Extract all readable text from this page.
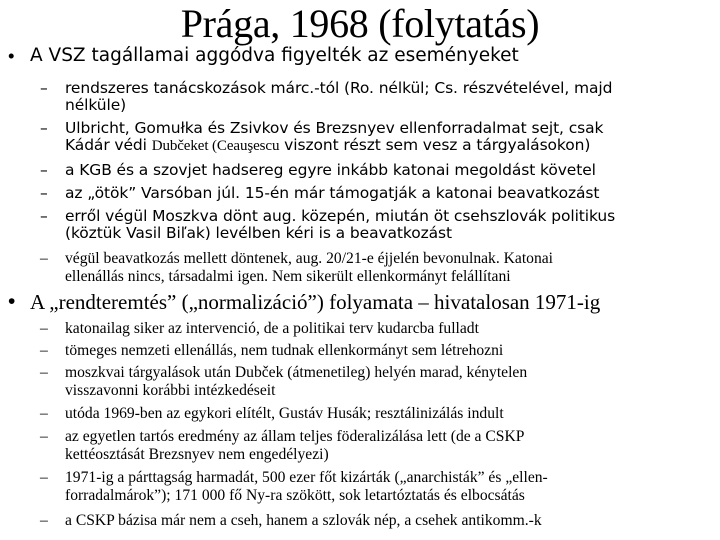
Prága, 1968 (folytatás)
• A VSZ tagállamai aggódva figyelték az eseményeket
– rendszeres tanácskozások márc.-tól (Ro. nélkül; Cs. részvételével, majd
nélküle)
– Ulbricht, Gomułka és Zsivkov és Brezsnyev ellenforradalmat sejt, csak
Kádár védi Dubčeket (Ceauşescu viszont részt sem vesz a tárgyalásokon)
– a KGB és a szovjet hadsereg egyre inkább katonai megoldást követel
– az „ötök” Varsóban júl. 15-én már támogatják a katonai beavatkozást
– erről végül Moszkva dönt aug. közepén, miután öt csehszlovák politikus
(köztük Vasil Biľak) levélben kéri is a beavatkozást
– végül beavatkozás mellett döntenek, aug. 20/21-e éjjelén bevonulnak. Katonai
ellenállás nincs, társadalmi igen. Nem sikerült ellenkormányt felállítani
• A „rendteremtés” („normalizáció”) folyamata – hivatalosan 1971-ig
– katonailag siker az intervenció, de a politikai terv kudarcba fulladt
– tömeges nemzeti ellenállás, nem tudnak ellenkormányt sem létrehozni
– moszkvai tárgyalások után Dubček (átmenetileg) helyén marad, kénytelen
visszavonni korábbi intézkedéseit
– utóda 1969-ben az egykori elítélt, Gustáv Husák; resztálinizálás indult
– az egyetlen tartós eredmény az állam teljes föderalizálása lett (de a CSKP
kettéosztását Brezsnyev nem engedélyezi)
– 1971-ig a párttagság harmadát, 500 ezer főt kizárták („anarchisták” és „ellen-
forradalmárok”); 171 000 fő Ny-ra szökött, sok letartóztatás és elbocsátás
– a CSKP bázisa már nem a cseh, hanem a szlovák nép, a csehek antikomm.-k
